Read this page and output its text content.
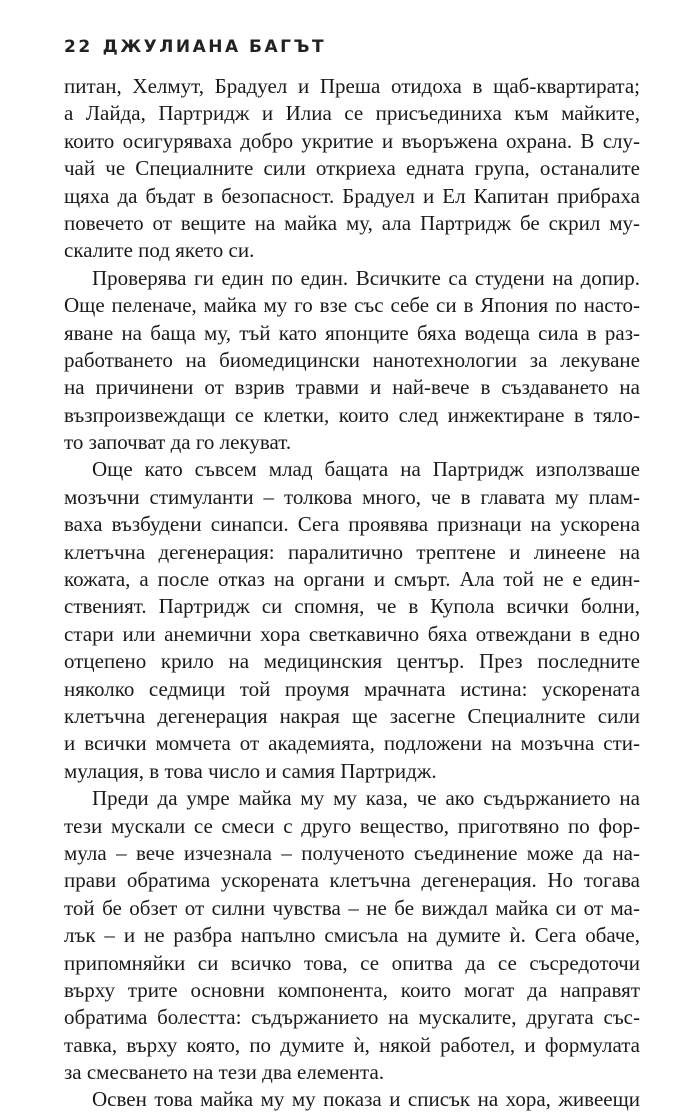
22 ДЖУЛИАНА БАГЪТ
питан, Хелмут, Брадуел и Преша отидоха в щаб-квартирата;
а Лайда, Партридж и Илиа се присъединиха към майките,
които осигуряваха добро укритие и въоръжена охрана. В слу-
чай че Специалните сили откриеха едната група, останалите
щяха да бъдат в безопасност. Брадуел и Ел Капитан прибраха
повечето от вещите на майка му, ала Партридж бе скрил му-
скалите под якето си.
Проверява ги един по един. Всичките са студени на допир.
Още пеленаче, майка му го взе със себе си в Япония по насто-
яване на баща му, тъй като японците бяха водеща сила в раз-
работването на биомедицински нанотехнологии за лекуване
на причинени от взрив травми и най-вече в създаването на
възпроизвеждащи се клетки, които след инжектиране в тяло-
то започват да го лекуват.
Още като съвсем млад бащата на Партридж използваше
мозъчни стимуланти – толкова много, че в главата му плам-
ваха възбудени синапси. Сега проявява признаци на ускорена
клетъчна дегенерация: паралитично трептене и линеене на
кожата, а после отказ на органи и смърт. Ала той не е един-
ственият. Партридж си спомня, че в Купола всички болни,
стари или анемични хора светкавично бяха отвеждани в едно
отцепено крило на медицинския център. През последните
няколко седмици той проумя мрачната истина: ускорената
клетъчна дегенерация накрая ще засегне Специалните сили
и всички момчета от академията, подложени на мозъчна сти-
мулация, в това число и самия Партридж.
Преди да умре майка му му каза, че ако съдържанието на
тези мускали се смеси с друго вещество, приготвяно по фор-
мула – вече изчезнала – полученото съединение може да на-
прави обратима ускорената клетъчна дегенерация. Но тогава
той бе обзет от силни чувства – не бе виждал майка си от ма-
лък – и не разбра напълно смисъла на думите ѝ. Сега обаче,
припомняйки си всичко това, се опитва да се съсредоточи
върху трите основни компонента, които могат да направят
обратима болестта: съдържанието на мускалите, другата със-
тавка, върху която, по думите ѝ, някой работел, и формулата
за смесването на тези два елемента.
Освен това майка му му показа и списък на хора, живеещи
